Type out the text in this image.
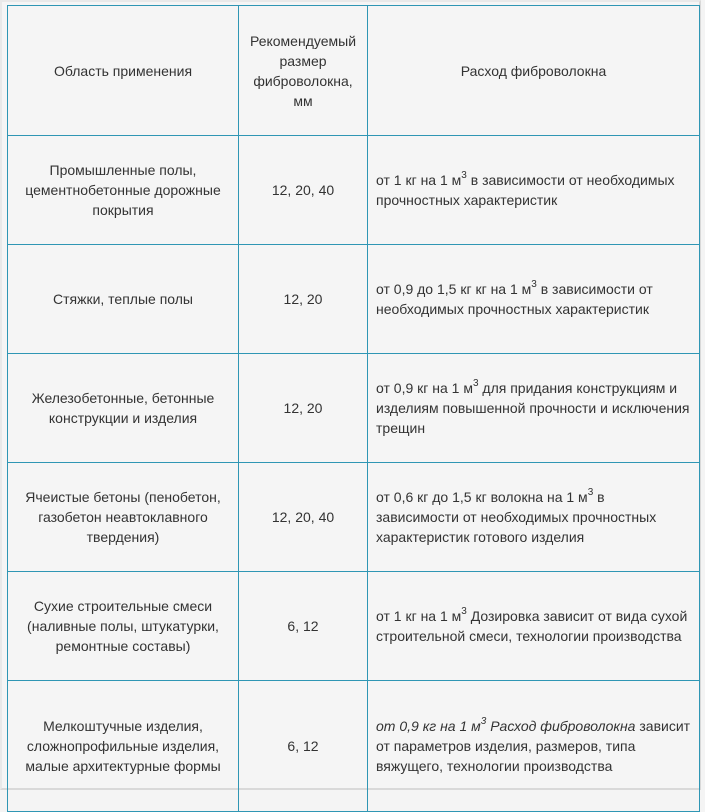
Область применения	Рекомендуемый размер фиброволокна, мм	Расход фиброволокна
Промышленные полы, цементнобетонные дорожные покрытия	12, 20, 40	от 1 кг на 1 $м^3$ в зависимости от необходимых прочностных характеристик
Стяжки, теплые полы	12, 20	от 0,9 до 1,5 кг кг на 1 $м^3$ в зависимости от необходимых прочностных характеристик
Железобетонные, бетонные конструкции и изделия	12, 20	от 0,9 кг на 1 $м^3$ для придания конструкциям и изделиям повышенной прочности и исключения трещин
Ячеистые бетоны (пенобетон, газобетон неавтоклавного твердения)	12, 20, 40	от 0,6 кг до 1,5 кг волокна на 1 $м^3$ в зависимости от необходимых прочностных характеристик готового изделия
Сухие строительные смеси (наливные полы, штукатурки, ремонтные составы)	6, 12	от 1 кг на 1 $м^3$ Дозировка зависит от вида сухой строительной смеси, технологии производства
Мелкоштучные изделия, сложнопрофильные изделия, малые архитектурные формы	6, 12	от 0,9 кг на 1 $м^3$ Расход фиброволокна зависит от параметров изделия, размеров, типа вяжущего, технологии производства
